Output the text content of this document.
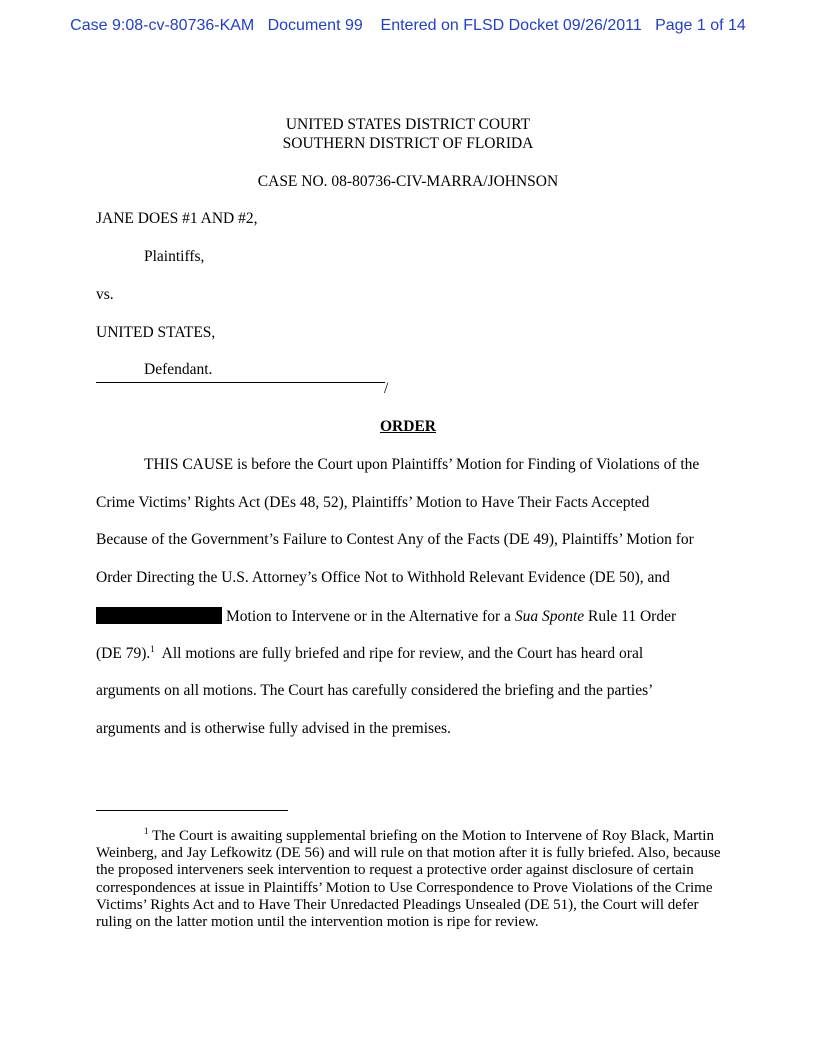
Case 9:08-cv-80736-KAM   Document 99    Entered on FLSD Docket 09/26/2011   Page 1 of 14
UNITED STATES DISTRICT COURT
SOUTHERN DISTRICT OF FLORIDA
CASE NO. 08-80736-CIV-MARRA/JOHNSON
JANE DOES #1 AND #2,
Plaintiffs,
vs.
UNITED STATES,
Defendant.
/
ORDER
THIS CAUSE is before the Court upon Plaintiffs’ Motion for Finding of Violations of the
Crime Victims’ Rights Act (DEs 48, 52), Plaintiffs’ Motion to Have Their Facts Accepted
Because of the Government’s Failure to Contest Any of the Facts (DE 49), Plaintiffs’ Motion for
Order Directing the U.S. Attorney’s Office Not to Withhold Relevant Evidence (DE 50), and
Motion to Intervene or in the Alternative for a Sua Sponte Rule 11 Order
(DE 79).$^1$  All motions are fully briefed and ripe for review, and the Court has heard oral
arguments on all motions. The Court has carefully considered the briefing and the parties’
arguments and is otherwise fully advised in the premises.
$^1$ The Court is awaiting supplemental briefing on the Motion to Intervene of Roy Black, Martin Weinberg, and Jay Lefkowitz (DE 56) and will rule on that motion after it is fully briefed. Also, because the proposed interveners seek intervention to request a protective order against disclosure of certain correspondences at issue in Plaintiffs’ Motion to Use Correspondence to Prove Violations of the Crime Victims’ Rights Act and to Have Their Unredacted Pleadings Unsealed (DE 51), the Court will defer ruling on the latter motion until the intervention motion is ripe for review.
